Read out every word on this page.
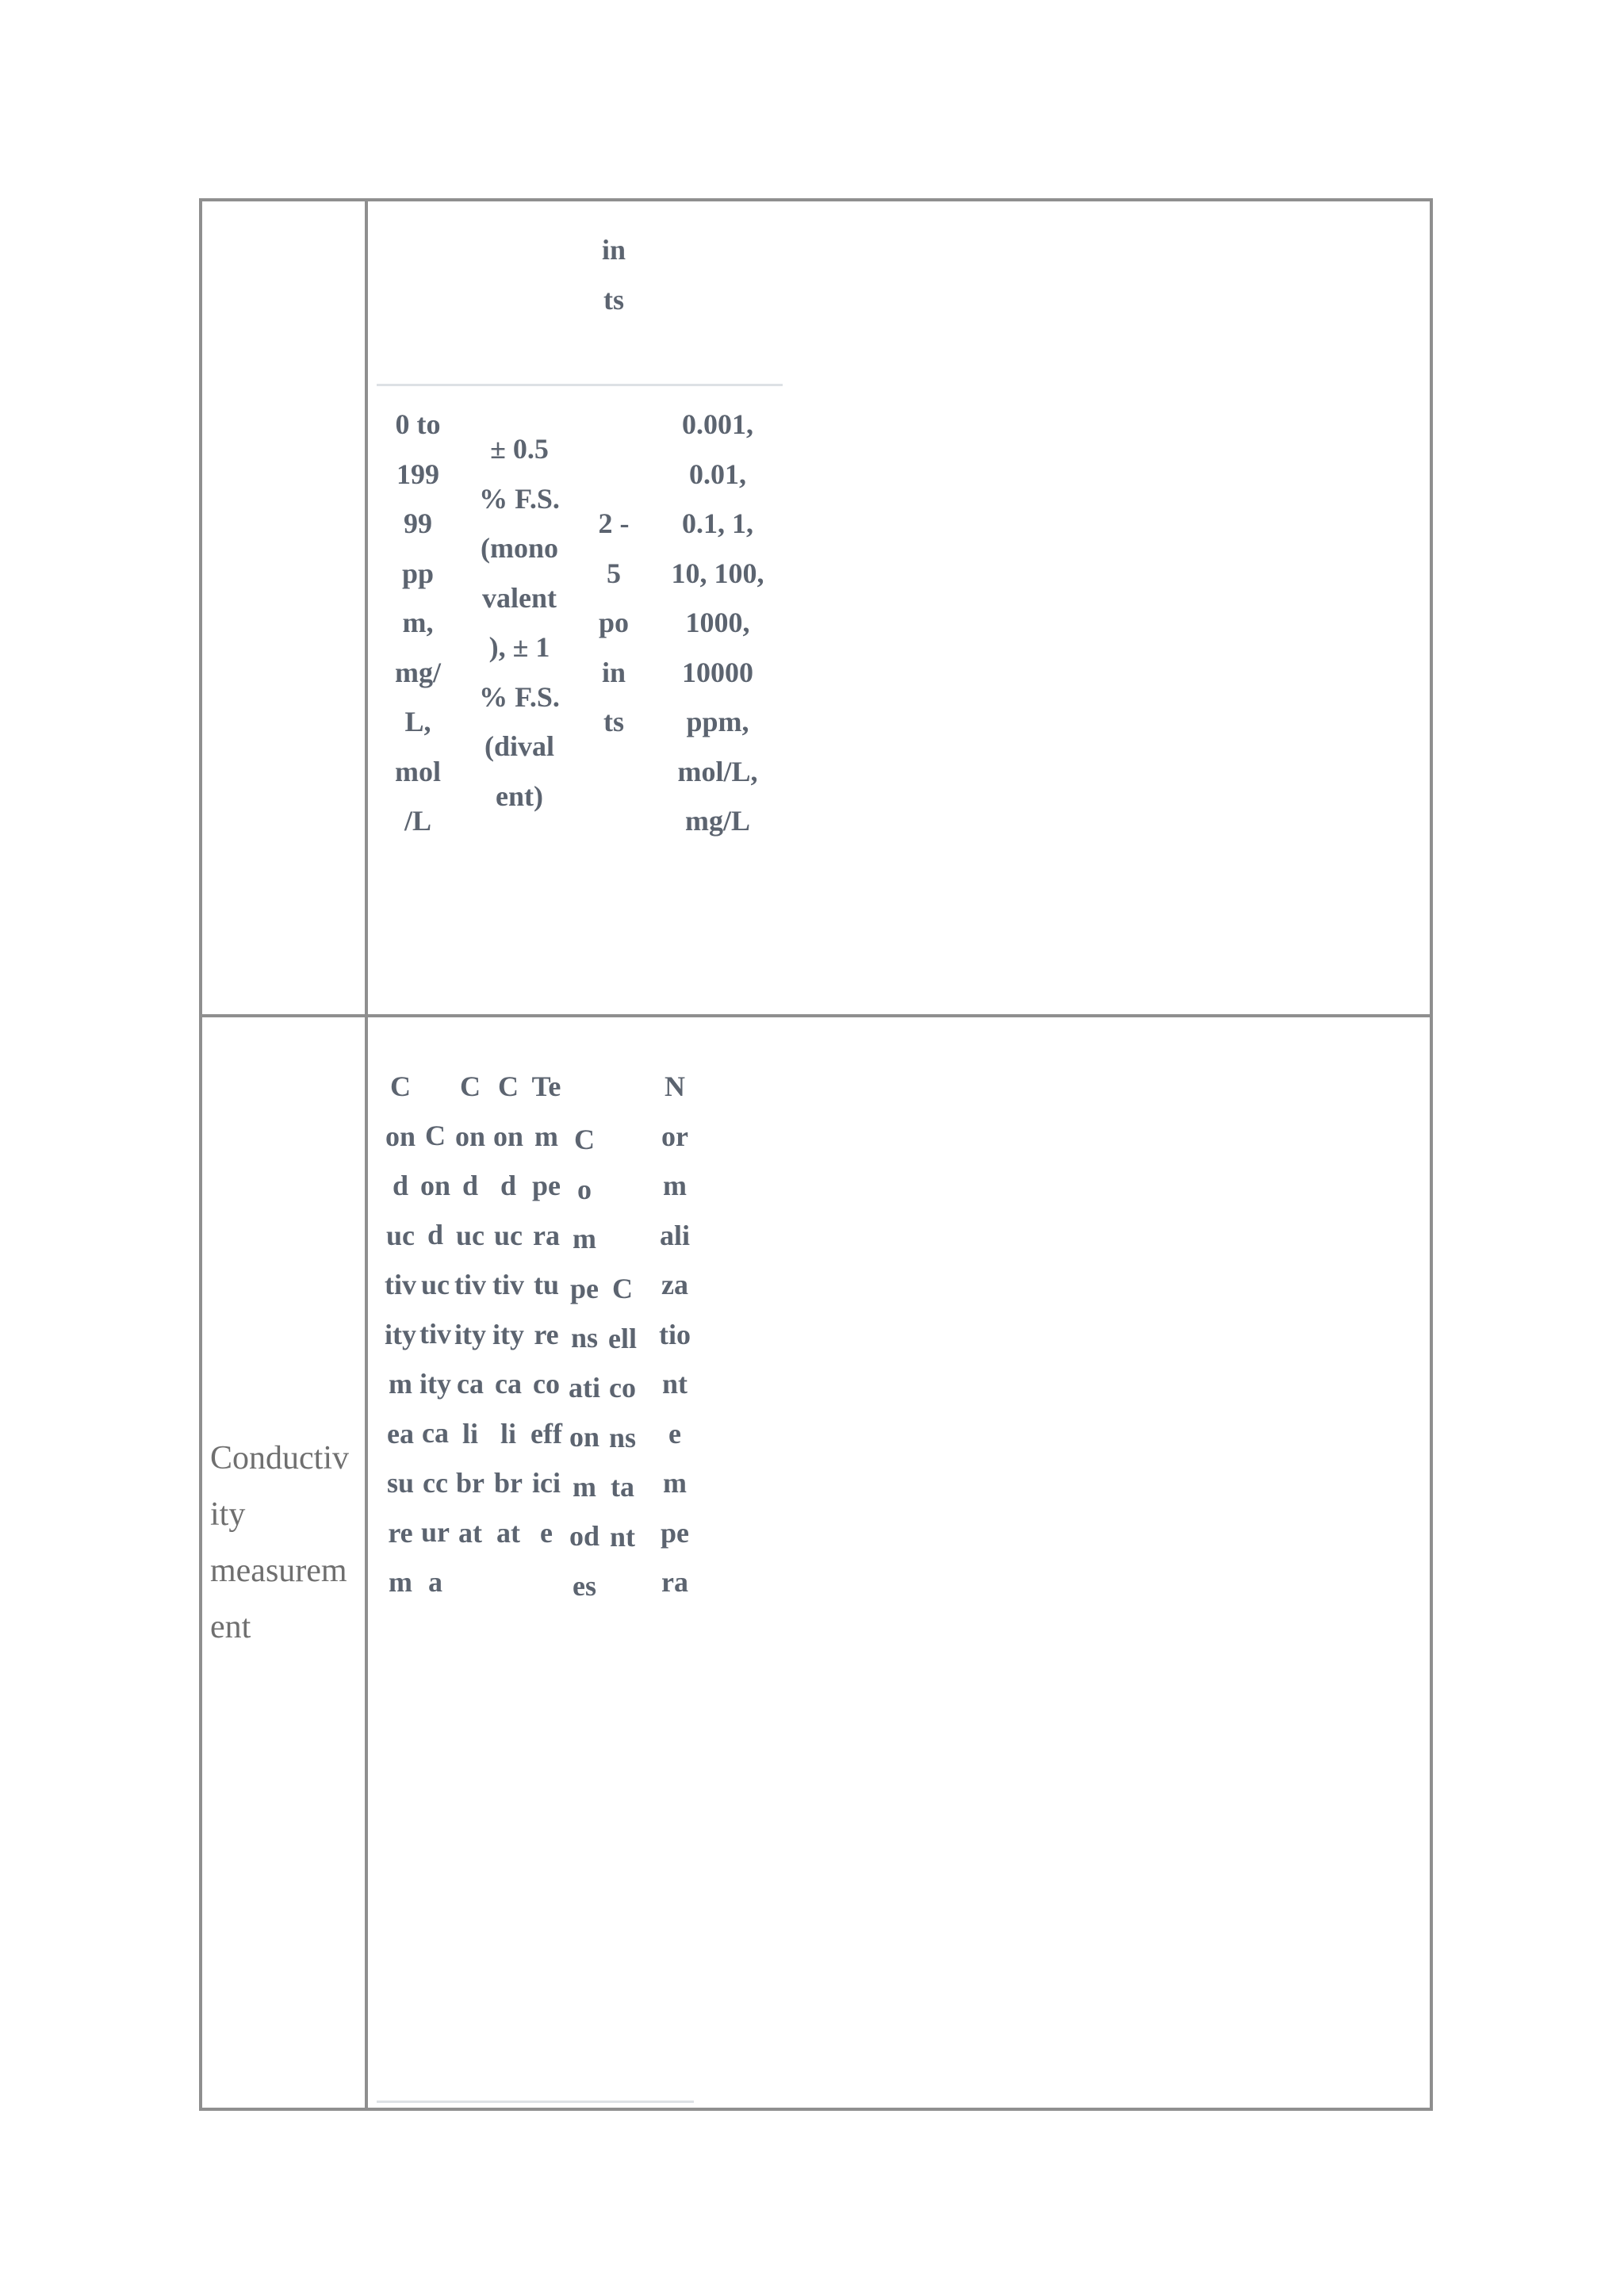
in
ts
0 to
199
99
pp
m,
mg/
L,
mol
/L
± 0.5
% F.S.
(mono
valent
), ± 1
% F.S.
(dival
ent)
2 -
5
po
in
ts
0.001,
0.01,
0.1, 1,
10, 100,
1000,
10000
ppm,
mol/L,
mg/L
Conductiv
ity
measurem
ent
Conductivitymeasurem
Conductivitycaccura
Conductivitycalibrat
Conductivitycalibrat
Temperaturecoefficie
Compensationmodes
Cellconstant
Normalizationtempera
